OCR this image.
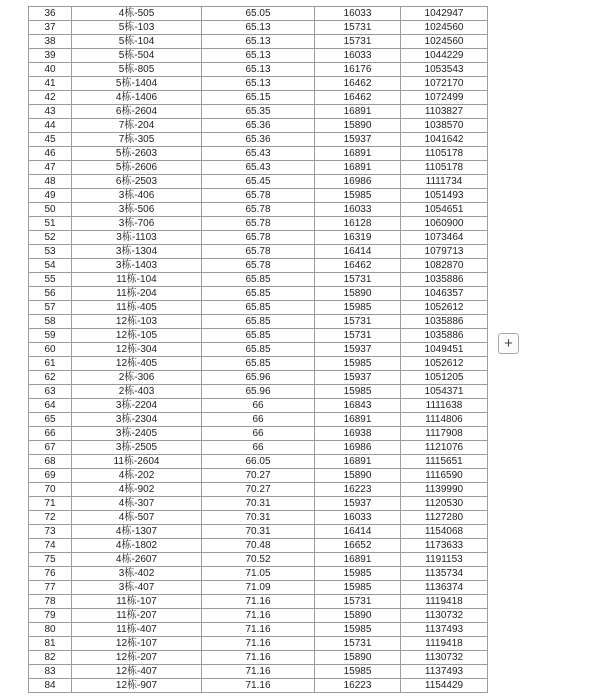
36	4栋-505	65.05	16033	1042947
37	5栋-103	65.13	15731	1024560
38	5栋-104	65.13	15731	1024560
39	5栋-504	65.13	16033	1044229
40	5栋-805	65.13	16176	1053543
41	5栋-1404	65.13	16462	1072170
42	4栋-1406	65.15	16462	1072499
43	6栋-2604	65.35	16891	1103827
44	7栋-204	65.36	15890	1038570
45	7栋-305	65.36	15937	1041642
46	5栋-2603	65.43	16891	1105178
47	5栋-2606	65.43	16891	1105178
48	6栋-2503	65.45	16986	1111734
49	3栋-406	65.78	15985	1051493
50	3栋-506	65.78	16033	1054651
51	3栋-706	65.78	16128	1060900
52	3栋-1103	65.78	16319	1073464
53	3栋-1304	65.78	16414	1079713
54	3栋-1403	65.78	16462	1082870
55	11栋-104	65.85	15731	1035886
56	11栋-204	65.85	15890	1046357
57	11栋-405	65.85	15985	1052612
58	12栋-103	65.85	15731	1035886
59	12栋-105	65.85	15731	1035886
60	12栋-304	65.85	15937	1049451
61	12栋-405	65.85	15985	1052612
62	2栋-306	65.96	15937	1051205
63	2栋-403	65.96	15985	1054371
64	3栋-2204	66	16843	1111638
65	3栋-2304	66	16891	1114806
66	3栋-2405	66	16938	1117908
67	3栋-2505	66	16986	1121076
68	11栋-2604	66.05	16891	1115651
69	4栋-202	70.27	15890	1116590
70	4栋-902	70.27	16223	1139990
71	4栋-307	70.31	15937	1120530
72	4栋-507	70.31	16033	1127280
73	4栋-1307	70.31	16414	1154068
74	4栋-1802	70.48	16652	1173633
75	4栋-2607	70.52	16891	1191153
76	3栋-402	71.05	15985	1135734
77	3栋-407	71.09	15985	1136374
78	11栋-107	71.16	15731	1119418
79	11栋-207	71.16	15890	1130732
80	11栋-407	71.16	15985	1137493
81	12栋-107	71.16	15731	1119418
82	12栋-207	71.16	15890	1130732
83	12栋-407	71.16	15985	1137493
84	12栋-907	71.16	16223	1154429
+
